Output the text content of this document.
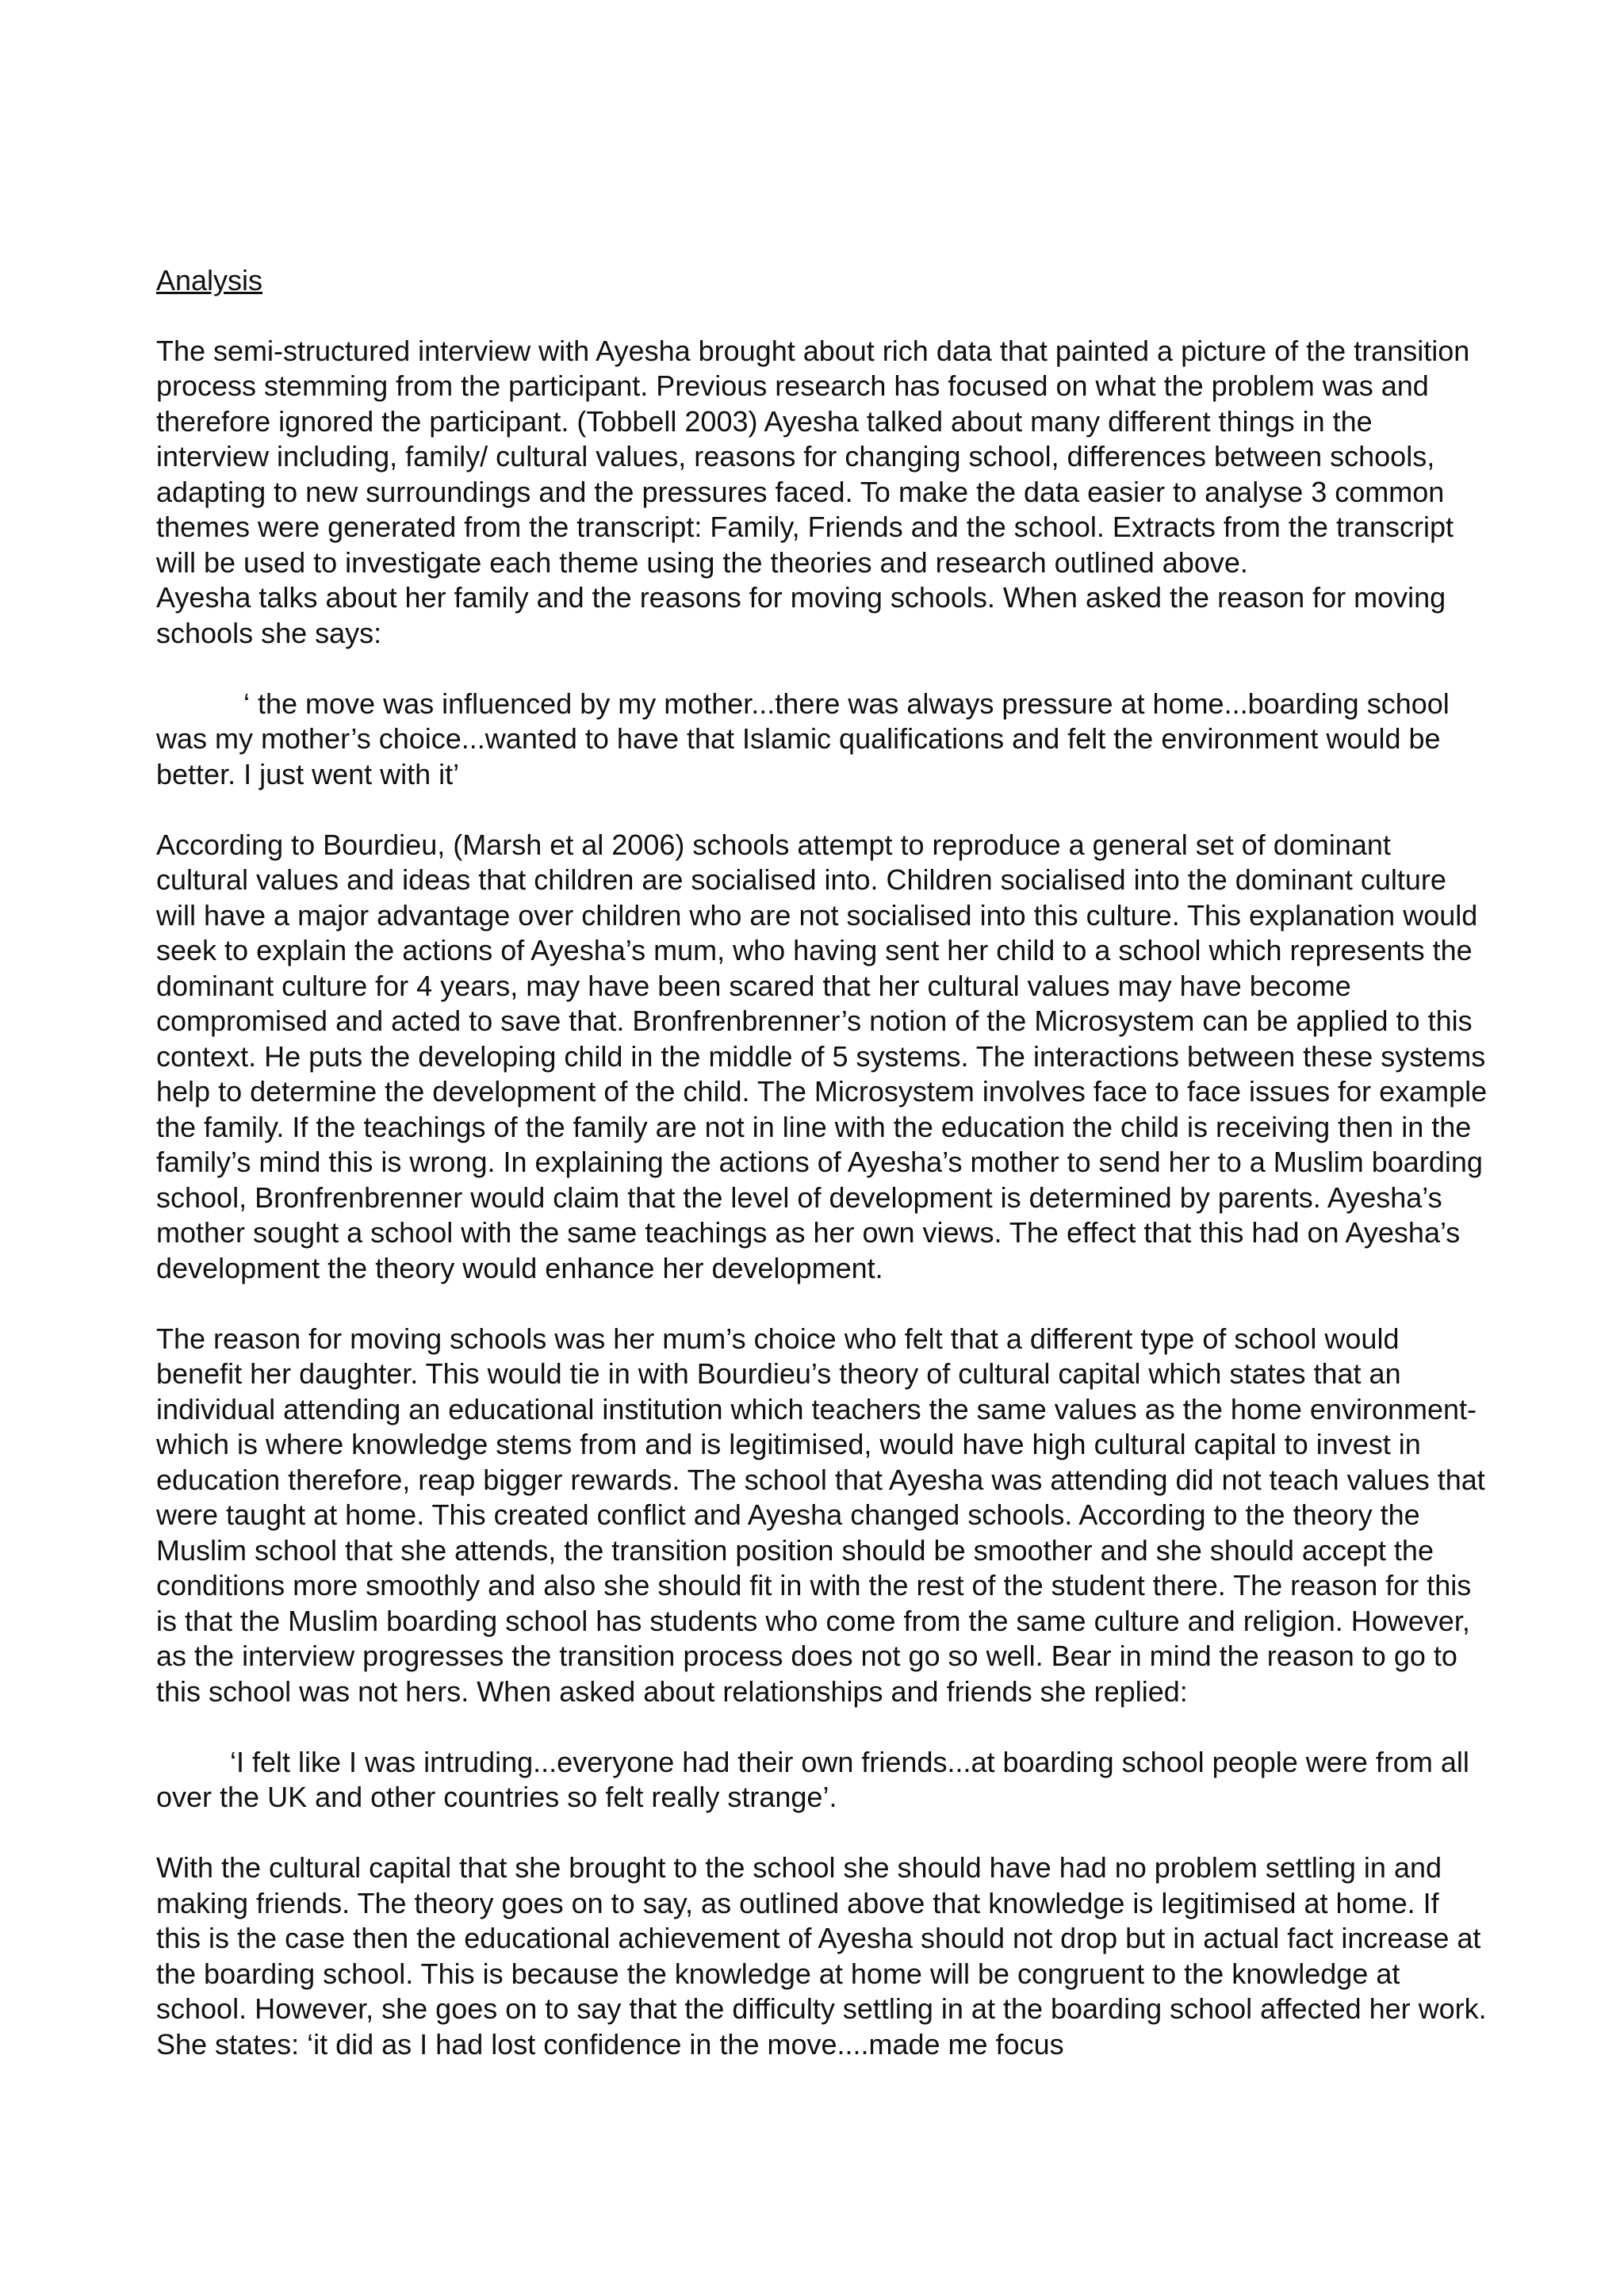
Analysis

The semi-structured interview with Ayesha brought about rich data that painted a picture of the transition process stemming from the participant. Previous research has focused on what the problem was and therefore ignored the participant. (Tobbell 2003) Ayesha talked about many different things in the interview including, family/ cultural values, reasons for changing school, differences between schools, adapting to new surroundings and the pressures faced. To make the data easier to analyse 3 common themes were generated from the transcript: Family, Friends and the school. Extracts from the transcript will be used to investigate each theme using the theories and research outlined above.

Ayesha talks about her family and the reasons for moving schools. When asked the reason for moving schools she says:

‘ the move was influenced by my mother...there was always pressure at home...boarding school was my mother’s choice...wanted to have that Islamic qualifications and felt the environment would be better. I just went with it’

According to Bourdieu, (Marsh et al 2006) schools attempt to reproduce a general set of dominant cultural values and ideas that children are socialised into. Children socialised into the dominant culture will have a major advantage over children who are not socialised into this culture. This explanation would seek to explain the actions of Ayesha’s mum, who having sent her child to a school which represents the dominant culture for 4 years, may have been scared that her cultural values may have become compromised and acted to save that. Bronfrenbrenner’s notion of the Microsystem can be applied to this context. He puts the developing child in the middle of 5 systems. The interactions between these systems help to determine the development of the child. The Microsystem involves face to face issues for example the family. If the teachings of the family are not in line with the education the child is receiving then in the family’s mind this is wrong. In explaining the actions of Ayesha’s mother to send her to a Muslim boarding school, Bronfrenbrenner would claim that the level of development is determined by parents. Ayesha’s mother sought a school with the same teachings as her own views. The effect that this had on Ayesha’s development the theory would enhance her development.

The reason for moving schools was her mum’s choice who felt that a different type of school would benefit her daughter. This would tie in with Bourdieu’s theory of cultural capital which states that an individual attending an educational institution which teachers the same values as the home environment- which is where knowledge stems from and is legitimised, would have high cultural capital to invest in education therefore, reap bigger rewards. The school that Ayesha was attending did not teach values that were taught at home. This created conflict and Ayesha changed schools. According to the theory the Muslim school that she attends, the transition position should be smoother and she should accept the conditions more smoothly and also she should fit in with the rest of the student there. The reason for this is that the Muslim boarding school has students who come from the same culture and religion. However, as the interview progresses the transition process does not go so well. Bear in mind the reason to go to this school was not hers. When asked about relationships and friends she replied:

‘I felt like I was intruding...everyone had their own friends...at boarding school people were from all over the UK and other countries so felt really strange’.

With the cultural capital that she brought to the school she should have had no problem settling in and making friends. The theory goes on to say, as outlined above that knowledge is legitimised at home. If this is the case then the educational achievement of Ayesha should not drop but in actual fact increase at the boarding school. This is because the knowledge at home will be congruent to the knowledge at school. However, she goes on to say that the difficulty settling in at the boarding school affected her work. She states: ‘it did as I had lost confidence in the move....made me focus
